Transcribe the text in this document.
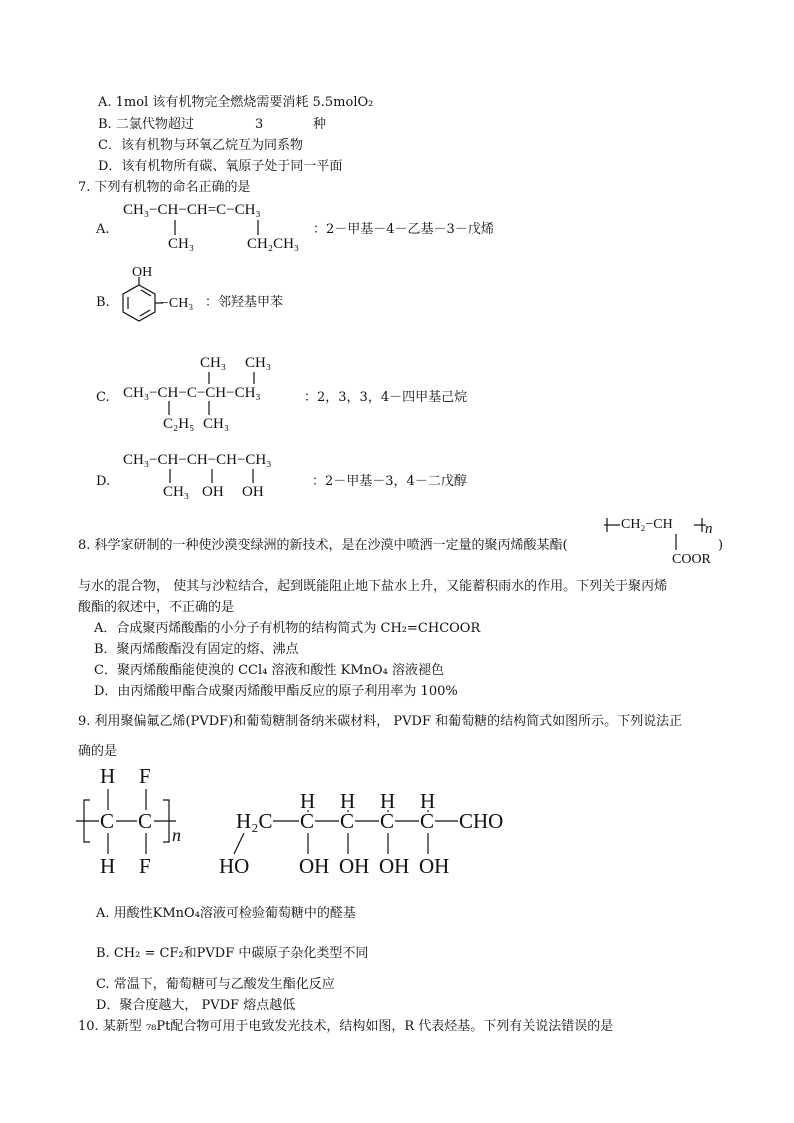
A. 1mol 该有机物完全燃烧需要消耗 5.5molO₂
B. 二氯代物超过	3	种
C．该有机物与环氧乙烷互为同系物
D．该有机物所有碳、氧原子处于同一平面
7. 下列有机物的命名正确的是
A.
CH₃−CH−CH=C−CH₃
CH₃	CH₂CH₃
：2－甲基－4－乙基－3－戊烯
B.
OH
−CH₃ ：邻羟基甲苯
C.
CH₃ CH₃
CH₃−CH−C−CH−CH₃
C₂H₅ CH₃
：2，3，3，4－四甲基己烷
D.
CH₃−CH−CH−CH−CH₃
CH₃ OH OH
：2－甲基－3，4－二戊醇
8. 科学家研制的一种使沙漠变绿洲的新技术，是在沙漠中喷洒一定量的聚丙烯酸某酯(
CH₂−CH n
COOR
)
与水的混合物， 使其与沙粒结合，起到既能阻止地下盐水上升，又能蓄积雨水的作用。下列关于聚丙烯
酸酯的叙述中，不正确的是
A．合成聚丙烯酸酯的小分子有机物的结构简式为 CH₂=CHCOOR
B．聚丙烯酸酯没有固定的熔、沸点
C．聚丙烯酸酯能使溴的 CCl₄ 溶液和酸性 KMnO₄ 溶液褪色
D．由丙烯酸甲酯合成聚丙烯酸甲酯反应的原子利用率为 100%
9. 利用聚偏氟乙烯(PVDF)和葡萄糖制备纳米碳材料， PVDF 和葡萄糖的结构简式如图所示。下列说法正
确的是
H F
C C
H F
n
H₂C C C C C CHO
H H H H
HO OH OH OH OH
A. 用酸性KMnO₄溶液可检验葡萄糖中的醛基
B. CH₂ = CF₂和PVDF 中碳原子杂化类型不同
C. 常温下，葡萄糖可与乙酸发生酯化反应
D．聚合度越大， PVDF 熔点越低
10. 某新型 ₇₈Pt配合物可用于电致发光技术，结构如图，R 代表烃基。下列有关说法错误的是
